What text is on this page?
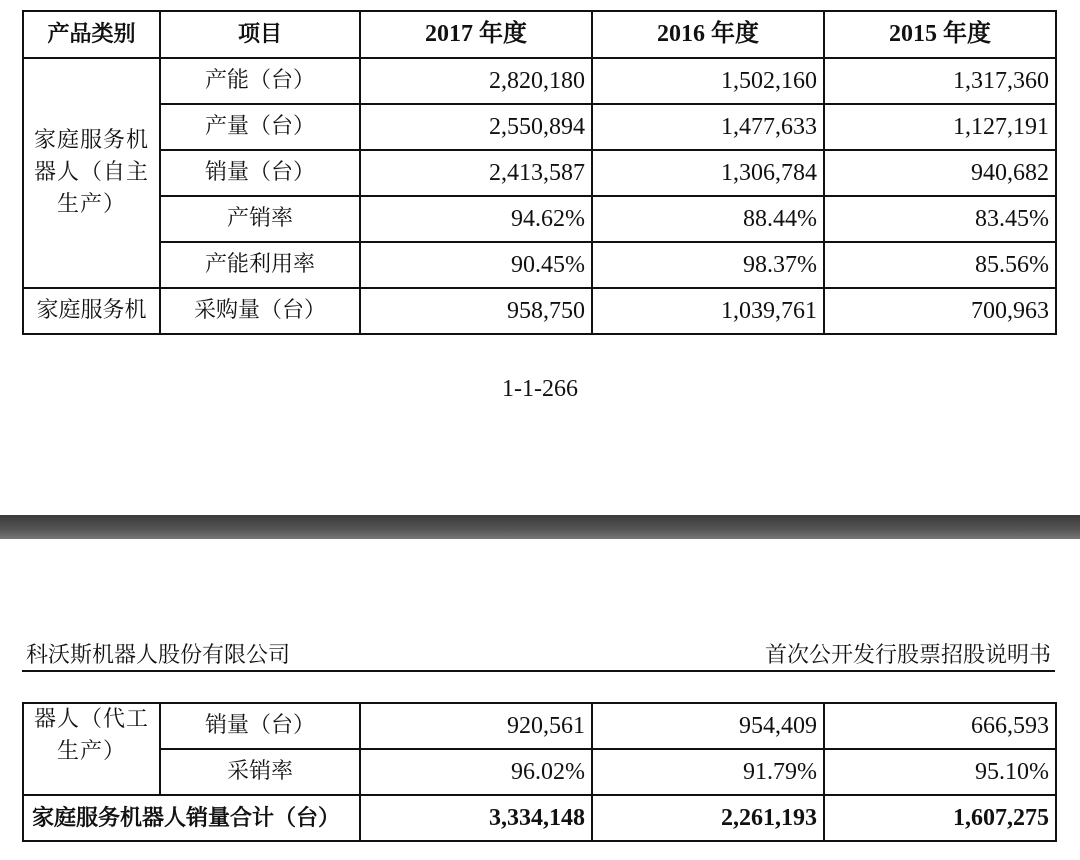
产品类别	项目	2017 年度	2016 年度	2015 年度
家庭服务机器人（自主生产）	产能（台）	2,820,180	1,502,160	1,317,360
	产量（台）	2,550,894	1,477,633	1,127,191
	销量（台）	2,413,587	1,306,784	940,682
	产销率	94.62%	88.44%	83.45%
	产能利用率	90.45%	98.37%	85.56%
家庭服务机	采购量（台）	958,750	1,039,761	700,963
1-1-266
科沃斯机器人股份有限公司	首次公开发行股票招股说明书
器人（代工生产）	销量（台）	920,561	954,409	666,593
	采销率	96.02%	91.79%	95.10%
家庭服务机器人销量合计（台）		3,334,148	2,261,193	1,607,275
